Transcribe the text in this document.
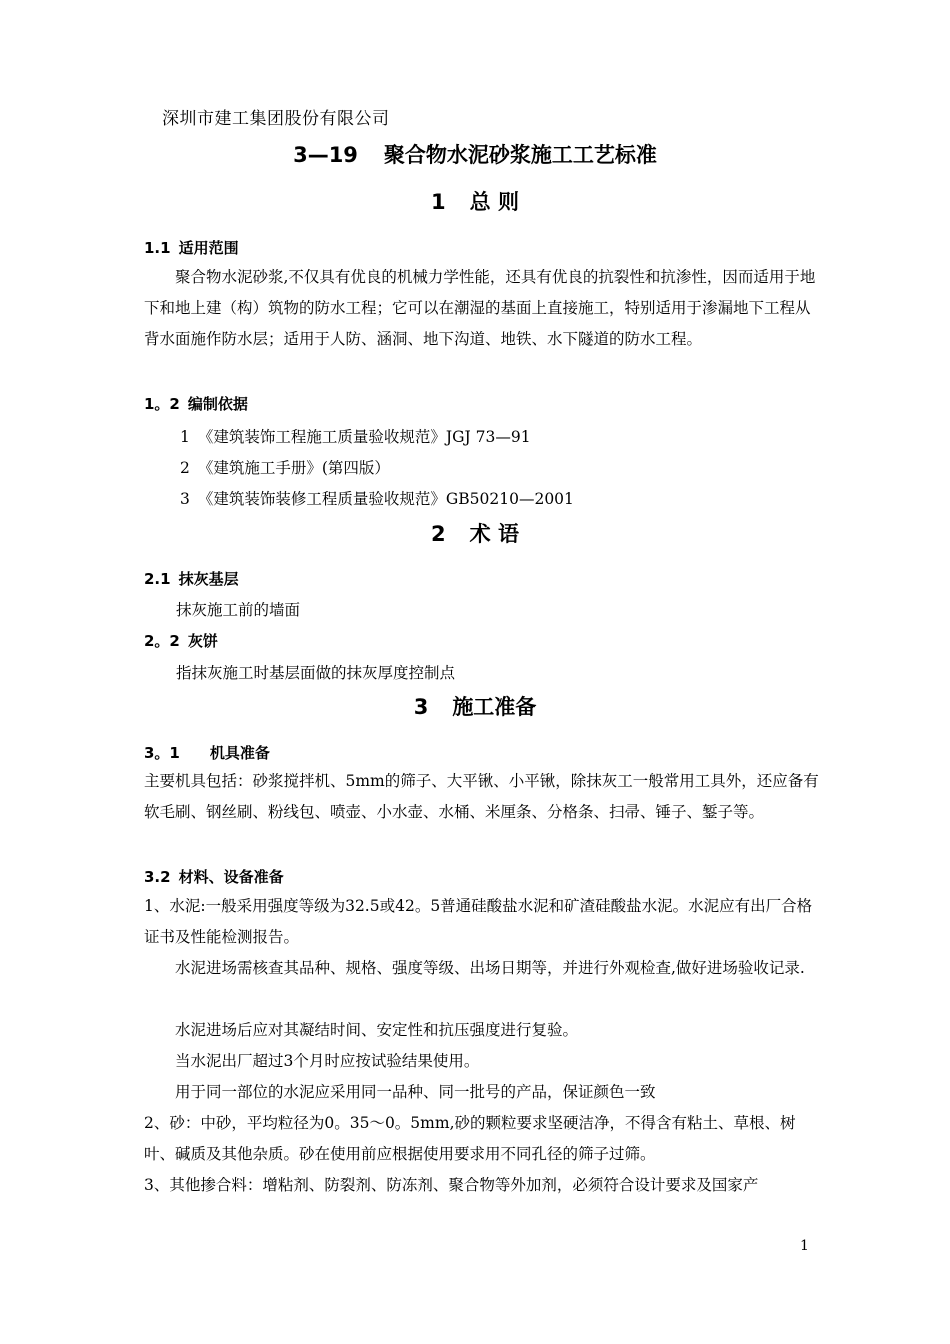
深圳市建工集团股份有限公司
3—19 聚合物水泥砂浆施工工艺标准
1 总 则
1.1 适用范围
聚合物水泥砂浆,不仅具有优良的机械力学性能，还具有优良的抗裂性和抗渗性，因而适用于地下和地上建（构）筑物的防水工程；它可以在潮湿的基面上直接施工，特别适用于渗漏地下工程从背水面施作防水层；适用于人防、涵洞、地下沟道、地铁、水下隧道的防水工程。
1。2 编制依据
1 《建筑装饰工程施工质量验收规范》JGJ 73—91
2 《建筑施工手册》(第四版）
3 《建筑装饰装修工程质量验收规范》GB50210—2001
2 术 语
2.1 抹灰基层
抹灰施工前的墙面
2。2 灰饼
指抹灰施工时基层面做的抹灰厚度控制点
3 施工准备
3。1 机具准备
主要机具包括：砂浆搅拌机、5mm的筛子、大平锹、小平锹，除抹灰工一般常用工具外，还应备有软毛刷、钢丝刷、粉线包、喷壶、小水壶、水桶、米厘条、分格条、扫帚、锤子、錾子等。
3.2 材料、设备准备
1、水泥:一般采用强度等级为32.5或42。5普通硅酸盐水泥和矿渣硅酸盐水泥。水泥应有出厂合格证书及性能检测报告。
水泥进场需核查其品种、规格、强度等级、出场日期等，并进行外观检查,做好进场验收记录.
水泥进场后应对其凝结时间、安定性和抗压强度进行复验。
当水泥出厂超过3个月时应按试验结果使用。
用于同一部位的水泥应采用同一品种、同一批号的产品，保证颜色一致
2、砂：中砂，平均粒径为0。35～0。5mm,砂的颗粒要求坚硬洁净，不得含有粘土、草根、树叶、碱质及其他杂质。砂在使用前应根据使用要求用不同孔径的筛子过筛。
3、其他掺合料：增粘剂、防裂剂、防冻剂、聚合物等外加剂，必须符合设计要求及国家产
1
